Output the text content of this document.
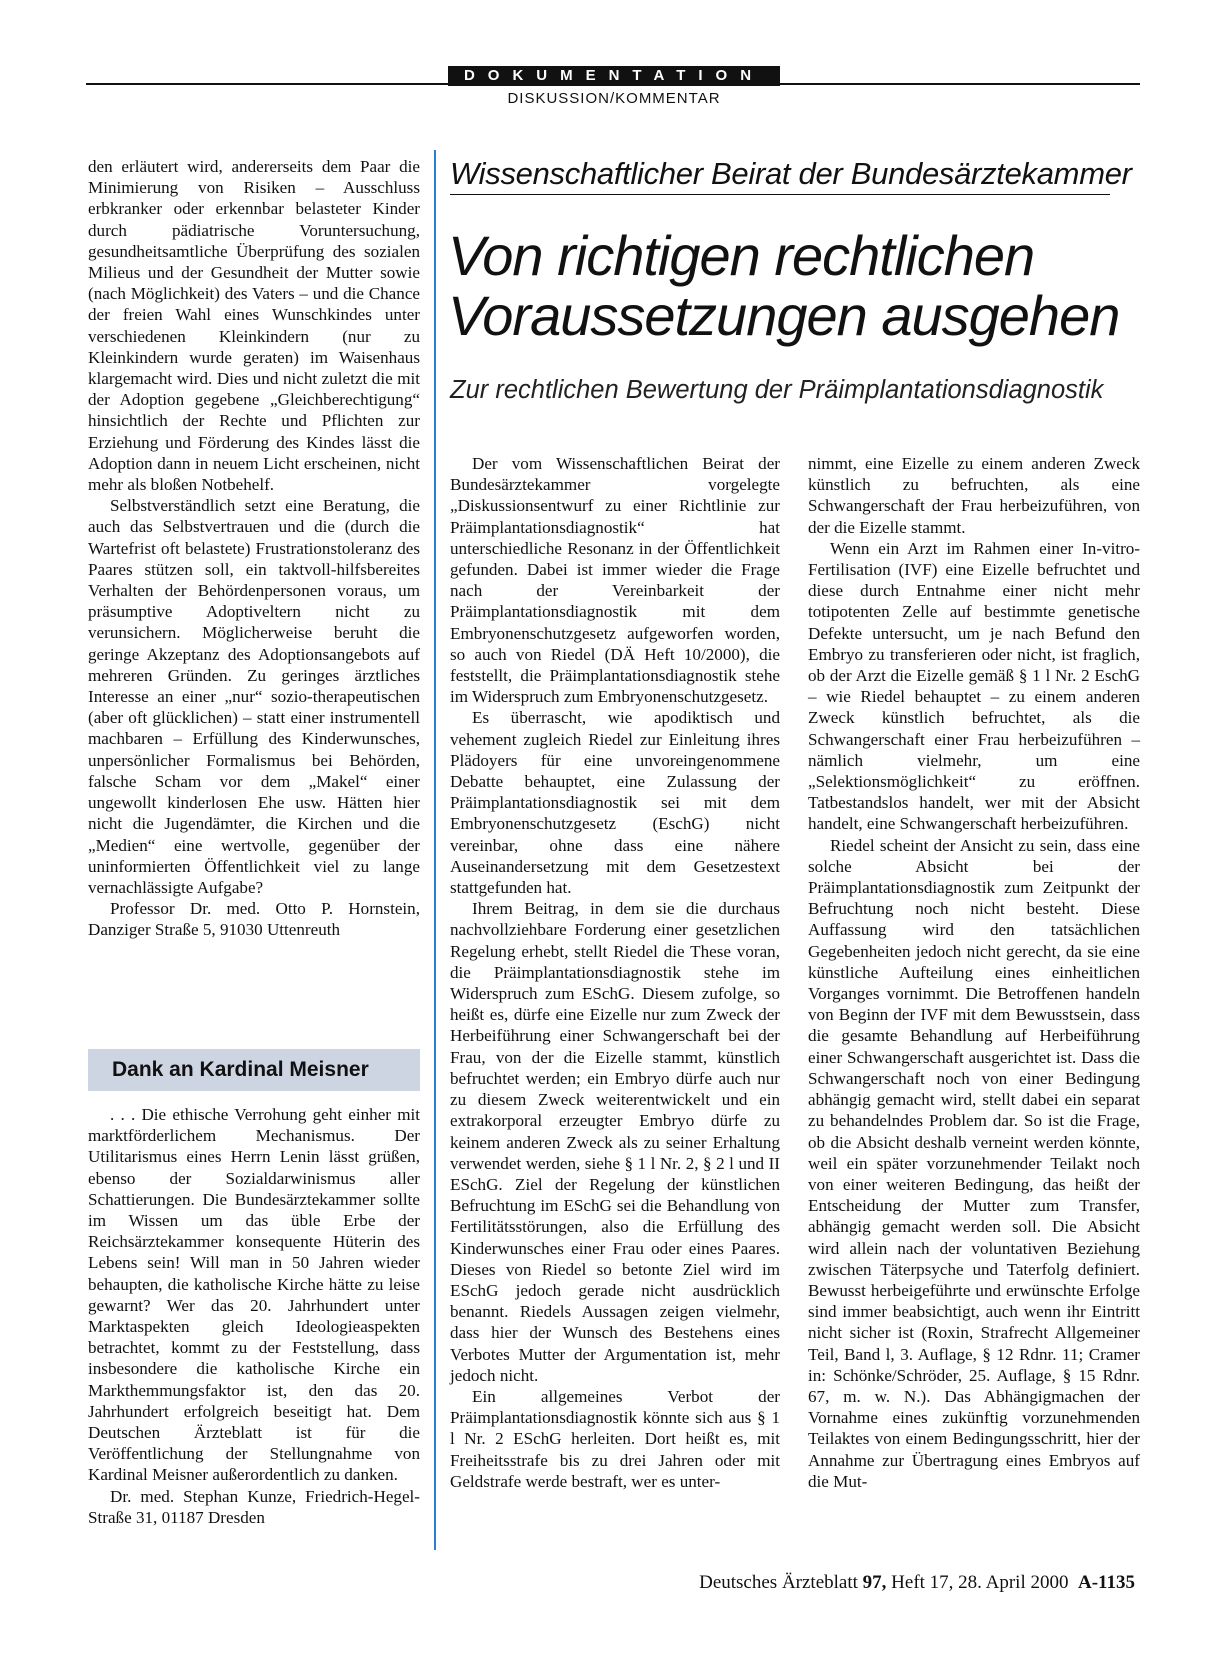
DOKUMENTATION
DISKUSSION/KOMMENTAR

den erläutert wird, andererseits dem Paar die Minimierung von Risiken – Ausschluss erbkranker oder erkennbar belasteter Kinder durch pädiatrische Voruntersuchung, gesundheitsamtliche Überprüfung des sozialen Milieus und der Gesundheit der Mutter sowie (nach Möglichkeit) des Vaters – und die Chance der freien Wahl eines Wunschkindes unter verschiedenen Kleinkindern (nur zu Kleinkindern wurde geraten) im Waisenhaus klargemacht wird. Dies und nicht zuletzt die mit der Adoption gegebene „Gleichberechtigung“ hinsichtlich der Rechte und Pflichten zur Erziehung und Förderung des Kindes lässt die Adoption dann in neuem Licht erscheinen, nicht mehr als bloßen Notbehelf.

Selbstverständlich setzt eine Beratung, die auch das Selbstvertrauen und die (durch die Wartefrist oft belastete) Frustrationstoleranz des Paares stützen soll, ein taktvoll-hilfsbereites Verhalten der Behördenpersonen voraus, um präsumptive Adoptiveltern nicht zu verunsichern. Möglicherweise beruht die geringe Akzeptanz des Adoptionsangebots auf mehreren Gründen. Zu geringes ärztliches Interesse an einer „nur“ sozio-therapeutischen (aber oft glücklichen) – statt einer instrumentell machbaren – Erfüllung des Kinderwunsches, unpersönlicher Formalismus bei Behörden, falsche Scham vor dem „Makel“ einer ungewollt kinderlosen Ehe usw. Hätten hier nicht die Jugendämter, die Kirchen und die „Medien“ eine wertvolle, gegenüber der uninformierten Öffentlichkeit viel zu lange vernachlässigte Aufgabe?

Professor Dr. med. Otto P. Hornstein, Danziger Straße 5, 91030 Uttenreuth

Dank an Kardinal Meisner

. . . Die ethische Verrohung geht einher mit marktförderlichem Mechanismus. Der Utilitarismus eines Herrn Lenin lässt grüßen, ebenso der Sozialdarwinismus aller Schattierungen. Die Bundesärztekammer sollte im Wissen um das üble Erbe der Reichsärztekammer konsequente Hüterin des Lebens sein! Will man in 50 Jahren wieder behaupten, die katholische Kirche hätte zu leise gewarnt? Wer das 20. Jahrhundert unter Marktaspekten gleich Ideologieaspekten betrachtet, kommt zu der Feststellung, dass insbesondere die katholische Kirche ein Markthemmungsfaktor ist, den das 20. Jahrhundert erfolgreich beseitigt hat. Dem Deutschen Ärzteblatt ist für die Veröffentlichung der Stellungnahme von Kardinal Meisner außerordentlich zu danken.

Dr. med. Stephan Kunze, Friedrich-Hegel-Straße 31, 01187 Dresden

Wissenschaftlicher Beirat der Bundesärztekammer
Von richtigen rechtlichen
Voraussetzungen ausgehen
Zur rechtlichen Bewertung der Präimplantationsdiagnostik

Der vom Wissenschaftlichen Beirat der Bundesärztekammer vorgelegte „Diskussionsentwurf zu einer Richtlinie zur Präimplantationsdiagnostik“ hat unterschiedliche Resonanz in der Öffentlichkeit gefunden. Dabei ist immer wieder die Frage nach der Vereinbarkeit der Präimplantationsdiagnostik mit dem Embryonenschutzgesetz aufgeworfen worden, so auch von Riedel (DÄ Heft 10/2000), die feststellt, die Präimplantationsdiagnostik stehe im Widerspruch zum Embryonenschutzgesetz.

Es überrascht, wie apodiktisch und vehement zugleich Riedel zur Einleitung ihres Plädoyers für eine unvoreingenommene Debatte behauptet, eine Zulassung der Präimplantationsdiagnostik sei mit dem Embryonenschutzgesetz (EschG) nicht vereinbar, ohne dass eine nähere Auseinandersetzung mit dem Gesetzestext stattgefunden hat.

Ihrem Beitrag, in dem sie die durchaus nachvollziehbare Forderung einer gesetzlichen Regelung erhebt, stellt Riedel die These voran, die Präimplantationsdiagnostik stehe im Widerspruch zum ESchG. Diesem zufolge, so heißt es, dürfe eine Eizelle nur zum Zweck der Herbeiführung einer Schwangerschaft bei der Frau, von der die Eizelle stammt, künstlich befruchtet werden; ein Embryo dürfe auch nur zu diesem Zweck weiterentwickelt und ein extrakorporal erzeugter Embryo dürfe zu keinem anderen Zweck als zu seiner Erhaltung verwendet werden, siehe § 1 l Nr. 2, § 2 l und II ESchG. Ziel der Regelung der künstlichen Befruchtung im ESchG sei die Behandlung von Fertilitätsstörungen, also die Erfüllung des Kinderwunsches einer Frau oder eines Paares. Dieses von Riedel so betonte Ziel wird im ESchG jedoch gerade nicht ausdrücklich benannt. Riedels Aussagen zeigen vielmehr, dass hier der Wunsch des Bestehens eines Verbotes Mutter der Argumentation ist, mehr jedoch nicht.

Ein allgemeines Verbot der Präimplantationsdiagnostik könnte sich aus § 1 l Nr. 2 ESchG herleiten. Dort heißt es, mit Freiheitsstrafe bis zu drei Jahren oder mit Geldstrafe werde bestraft, wer es unter-

nimmt, eine Eizelle zu einem anderen Zweck künstlich zu befruchten, als eine Schwangerschaft der Frau herbeizuführen, von der die Eizelle stammt.

Wenn ein Arzt im Rahmen einer In-vitro-Fertilisation (IVF) eine Eizelle befruchtet und diese durch Entnahme einer nicht mehr totipotenten Zelle auf bestimmte genetische Defekte untersucht, um je nach Befund den Embryo zu transferieren oder nicht, ist fraglich, ob der Arzt die Eizelle gemäß § 1 l Nr. 2 EschG – wie Riedel behauptet – zu einem anderen Zweck künstlich befruchtet, als die Schwangerschaft einer Frau herbeizuführen – nämlich vielmehr, um eine „Selektionsmöglichkeit“ zu eröffnen. Tatbestandslos handelt, wer mit der Absicht handelt, eine Schwangerschaft herbeizuführen.

Riedel scheint der Ansicht zu sein, dass eine solche Absicht bei der Präimplantationsdiagnostik zum Zeitpunkt der Befruchtung noch nicht besteht. Diese Auffassung wird den tatsächlichen Gegebenheiten jedoch nicht gerecht, da sie eine künstliche Aufteilung eines einheitlichen Vorganges vornimmt. Die Betroffenen handeln von Beginn der IVF mit dem Bewusstsein, dass die gesamte Behandlung auf Herbeiführung einer Schwangerschaft ausgerichtet ist. Dass die Schwangerschaft noch von einer Bedingung abhängig gemacht wird, stellt dabei ein separat zu behandelndes Problem dar. So ist die Frage, ob die Absicht deshalb verneint werden könnte, weil ein später vorzunehmender Teilakt noch von einer weiteren Bedingung, das heißt der Entscheidung der Mutter zum Transfer, abhängig gemacht werden soll. Die Absicht wird allein nach der voluntativen Beziehung zwischen Täterpsyche und Taterfolg definiert. Bewusst herbeigeführte und erwünschte Erfolge sind immer beabsichtigt, auch wenn ihr Eintritt nicht sicher ist (Roxin, Strafrecht Allgemeiner Teil, Band l, 3. Auflage, § 12 Rdnr. 11; Cramer in: Schönke/Schröder, 25. Auflage, § 15 Rdnr. 67, m. w. N.). Das Abhängigmachen der Vornahme eines zukünftig vorzunehmenden Teilaktes von einem Bedingungsschritt, hier der Annahme zur Übertragung eines Embryos auf die Mut-

Deutsches Ärzteblatt 97, Heft 17, 28. April 2000 A-1135
